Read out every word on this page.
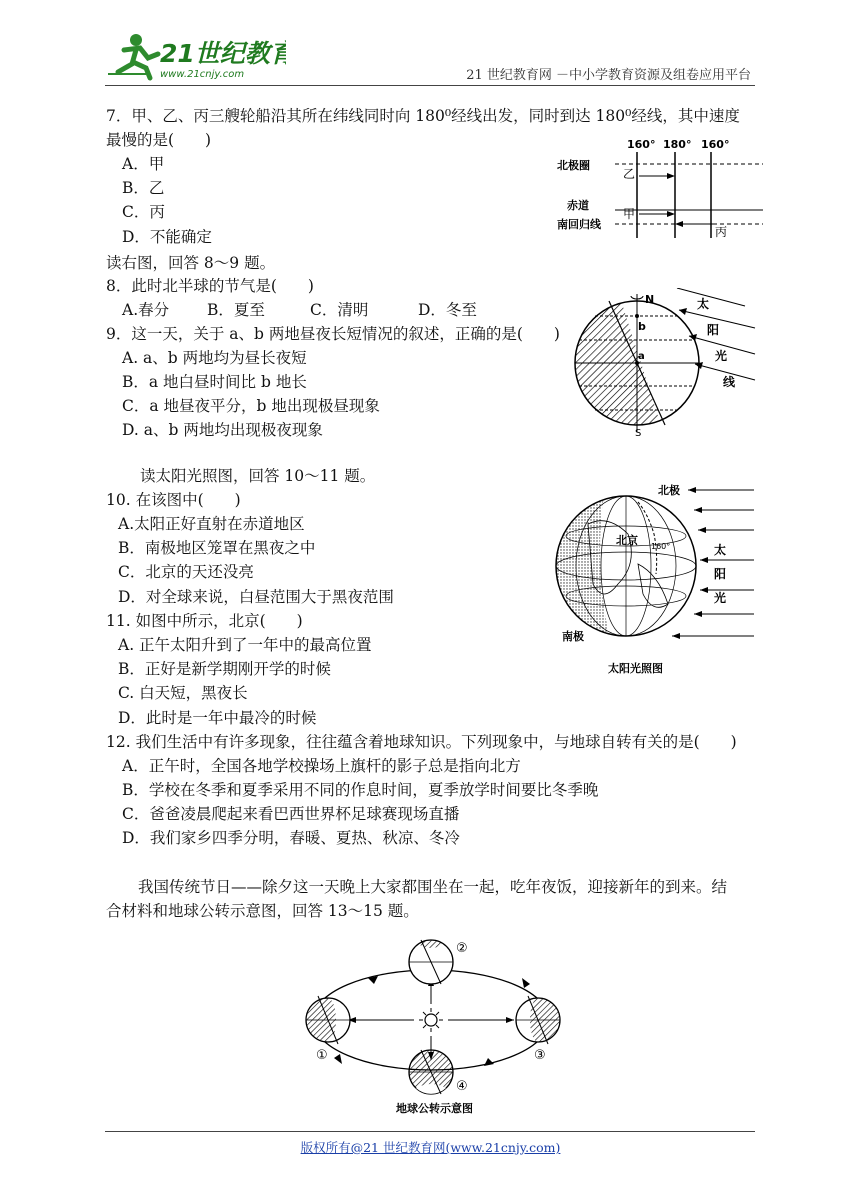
21世纪教育
www.21cnjy.com	21 世纪教育网 －中小学教育资源及组卷应用平台
7．甲、乙、丙三艘轮船沿其所在纬线同时向 180⁰经线出发，同时到达 180⁰经线，其中速度
最慢的是(　　)
A．甲
B．乙
C．丙
D．不能确定
160° 180° 160°
北极圈
赤道
南回归线
乙
甲
丙
读右图，回答 8～9 题。
8．此时北半球的节气是(　　)
A.春分 B．夏至	C．清明	D．冬至
9．这一天，关于 a、b 两地昼夜长短情况的叙述，正确的是(　　)
A. a、b 两地均为昼长夜短
B．a 地白昼时间比 b 地长
C．a 地昼夜平分，b 地出现极昼现象
D. a、b 两地均出现极夜现象
N
S
b
a
太
阳
光
线
读太阳光照图，回答 10～11 题。
10. 在该图中(　　)
A.太阳正好直射在赤道地区
B．南极地区笼罩在黑夜之中
C．北京的天还没亮
D．对全球来说，白昼范围大于黑夜范围
11. 如图中所示，北京(　　)
A. 正午太阳升到了一年中的最高位置
B．正好是新学期刚开学的时候
C. 白天短，黑夜长
D．此时是一年中最冷的时候
北极
北京 160°
南极
太
阳
光
太阳光照图
12. 我们生活中有许多现象，往往蕴含着地球知识。下列现象中，与地球自转有关的是(　　)
A．正午时，全国各地学校操场上旗杆的影子总是指向北方
B．学校在冬季和夏季采用不同的作息时间，夏季放学时间要比冬季晚
C．爸爸凌晨爬起来看巴西世界杯足球赛现场直播
D．我们家乡四季分明，春暖、夏热、秋凉、冬冷
我国传统节日——除夕这一天晚上大家都围坐在一起，吃年夜饭，迎接新年的到来。结
合材料和地球公转示意图，回答 13～15 题。
①
②
③
④
地球公转示意图
版权所有@21 世纪教育网(www.21cnjy.com)
